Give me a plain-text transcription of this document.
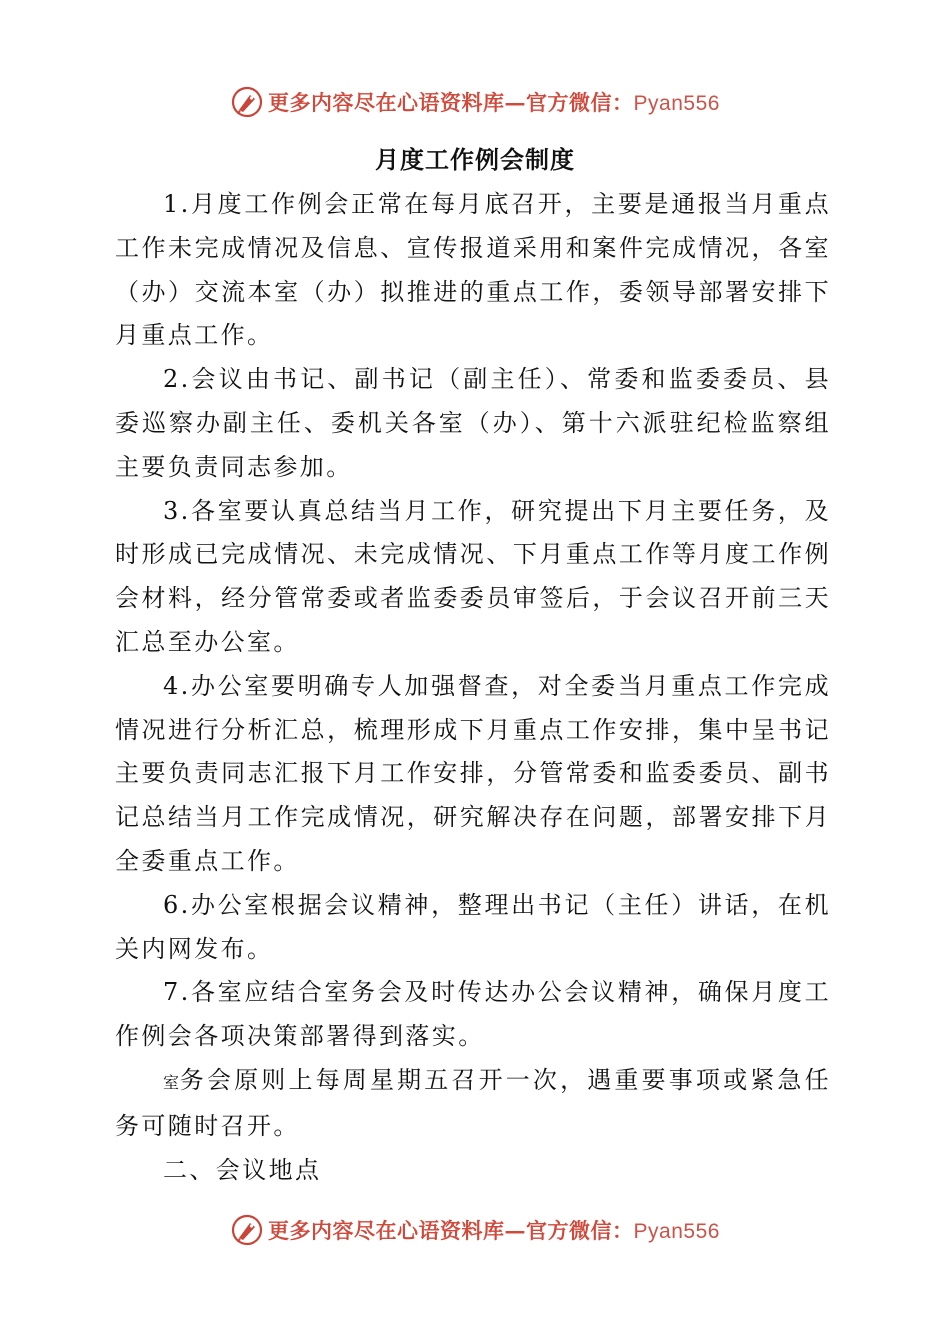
更多内容尽在心语资料库—官方微信：Pyan556
月度工作例会制度

1.月度工作例会正常在每月底召开，主要是通报当月重点工作未完成情况及信息、宣传报道采用和案件完成情况，各室（办）交流本室（办）拟推进的重点工作，委领导部署安排下月重点工作。

2.会议由书记、副书记（副主任）、常委和监委委员、县委巡察办副主任、委机关各室（办）、第十六派驻纪检监察组主要负责同志参加。

3.各室要认真总结当月工作，研究提出下月主要任务，及时形成已完成情况、未完成情况、下月重点工作等月度工作例会材料，经分管常委或者监委委员审签后，于会议召开前三天汇总至办公室。

4.办公室要明确专人加强督查，对全委当月重点工作完成情况进行分析汇总，梳理形成下月重点工作安排，集中呈书记主要负责同志汇报下月工作安排，分管常委和监委委员、副书记总结当月工作完成情况，研究解决存在问题，部署安排下月全委重点工作。

6.办公室根据会议精神，整理出书记（主任）讲话，在机关内网发布。

7.各室应结合室务会及时传达办公会议精神，确保月度工作例会各项决策部署得到落实。

室务会原则上每周星期五召开一次，遇重要事项或紧急任务可随时召开。

二、会议地点

更多内容尽在心语资料库—官方微信：Pyan556
